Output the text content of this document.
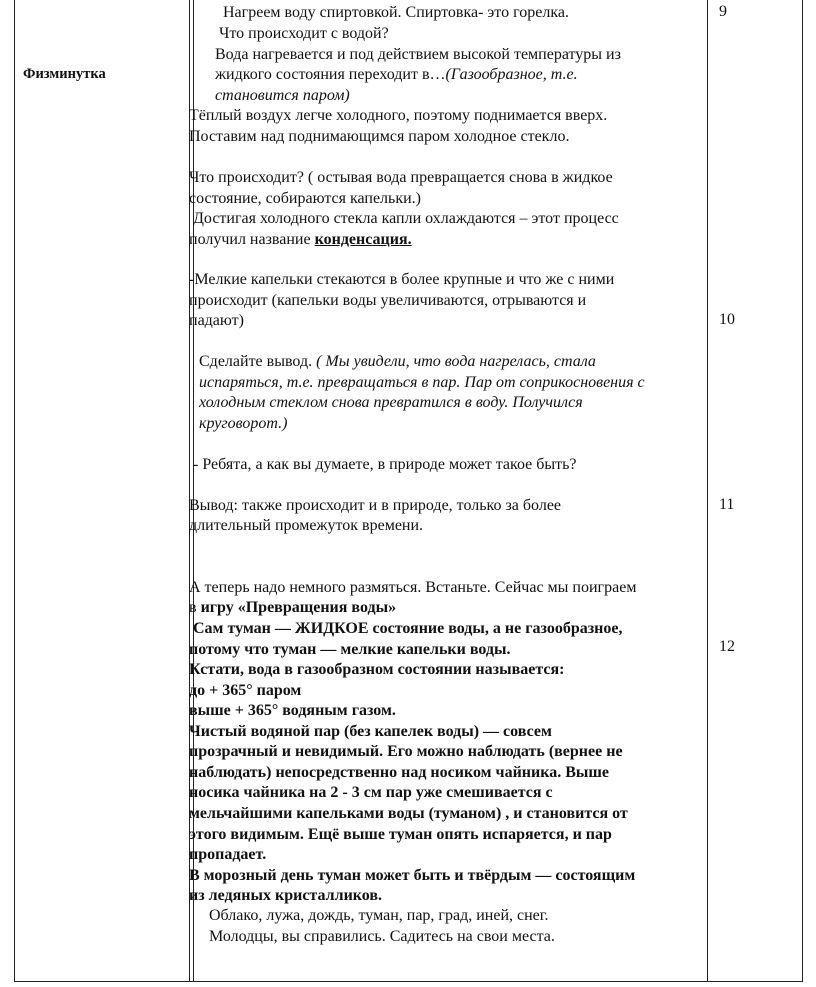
Физминутка

Нагреем воду спиртовкой. Спиртовка- это горелка.

Что происходит с водой?

Вода нагревается и под действием высокой температуры из

жидкого состояния переходит в…(Газообразное, т.е.

становится паром)

Тёплый воздух легче холодного, поэтому поднимается вверх.

Поставим над поднимающимся паром холодное стекло.

Что происходит? ( остывая вода превращается снова в жидкое

состояние, собираются капельки.)

Достигая холодного стекла капли охлаждаются – этот процесс

получил название конденсация.

-Мелкие капельки стекаются в более крупные и что же с ними

происходит (капельки воды увеличиваются, отрываются и

падают)

Сделайте вывод. ( Мы увидели, что вода нагрелась, стала

испаряться, т.е. превращаться в пар. Пар от соприкосновения с

холодным стеклом снова превратился в воду. Получился

круговорот.)

- Ребята, а как вы думаете, в природе может такое быть?

Вывод: также происходит и в природе, только за более

длительный промежуток времени.

А теперь надо немного размяться. Встаньте. Сейчас мы поиграем

в игру «Превращения воды»

Сам туман — ЖИДКОЕ состояние воды, а не газообразное,

потому что туман — мелкие капельки воды.

Кстати, вода в газообразном состоянии называется:

до + 365° паром

выше + 365° водяным газом.

Чистый водяной пар (без капелек воды) — совсем

прозрачный и невидимый. Его можно наблюдать (вернее не

наблюдать) непосредственно над носиком чайника. Выше

носика чайника на 2 - 3 см пар уже смешивается с

мельчайшими капельками воды (туманом) , и становится от

этого видимым. Ещё выше туман опять испаряется, и пар

пропадает.

В морозный день туман может быть и твёрдым — состоящим

из ледяных кристалликов.

Облако, лужа, дождь, туман, пар, град, иней, снег.

Молодцы, вы справились. Садитесь на свои места.

9
10
11
12
